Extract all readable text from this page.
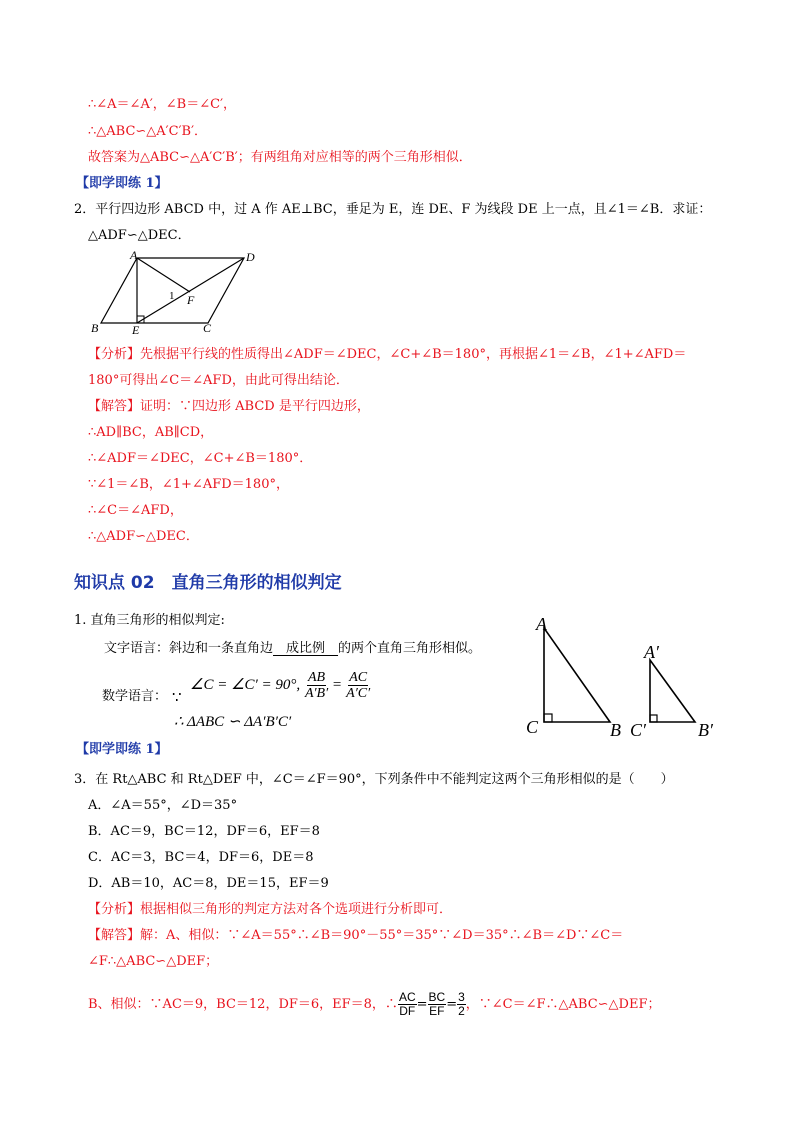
∴∠A＝∠A′，∠B＝∠C′，
∴△ABC∽△A′C′B′．
故答案为△ABC∽△A′C′B′；有两组角对应相等的两个三角形相似．
【即学即练 1】
2．平行四边形 ABCD 中，过 A 作 AE⊥BC，垂足为 E，连 DE、F 为线段 DE 上一点，且∠1＝∠B．求证：
△ADF∽△DEC．
A	D
B	E	C
F
1
【分析】先根据平行线的性质得出∠ADF＝∠DEC，∠C+∠B＝180°，再根据∠1＝∠B，∠1+∠AFD＝
180°可得出∠C＝∠AFD，由此可得出结论．
【解答】证明：∵四边形 ABCD 是平行四边形，
∴AD∥BC，AB∥CD，
∴∠ADF＝∠DEC，∠C+∠B＝180°．
∵∠1＝∠B，∠1+∠AFD＝180°，
∴∠C＝∠AFD，
∴△ADF∽△DEC．
知识点 02　直角三角形的相似判定
1. 直角三角形的相似判定:
文字语言：斜边和一条直角边　成比例　的两个直角三角形相似。
∠C = ∠C′ = 90°, $\frac{AB}{A'B'} = \frac{AC}{A'C'}$
数学语言： ∵
∴ ΔABC ∽ ΔA′B′C′
A
C	B
A′
C′	B′
【即学即练 1】
3．在 Rt△ABC 和 Rt△DEF 中，∠C＝∠F＝90°，下列条件中不能判定这两个三角形相似的是（　　）
A．∠A＝55°，∠D＝35°
B．AC＝9，BC＝12，DF＝6，EF＝8
C．AC＝3，BC＝4，DF＝6，DE＝8
D．AB＝10，AC＝8，DE＝15，EF＝9
【分析】根据相似三角形的判定方法对各个选项进行分析即可．
【解答】解：A、相似：∵∠A＝55°∴∠B＝90°－55°＝35°∵∠D＝35°∴∠B＝∠D∵∠C＝
∠F∴△ABC∽△DEF；
B、相似：∵AC＝9，BC＝12，DF＝6，EF＝8，∴ $\frac{AC}{DF} = \frac{BC}{EF} = \frac{3}{2}$ ，∵∠C＝∠F∴△ABC∽△DEF；
